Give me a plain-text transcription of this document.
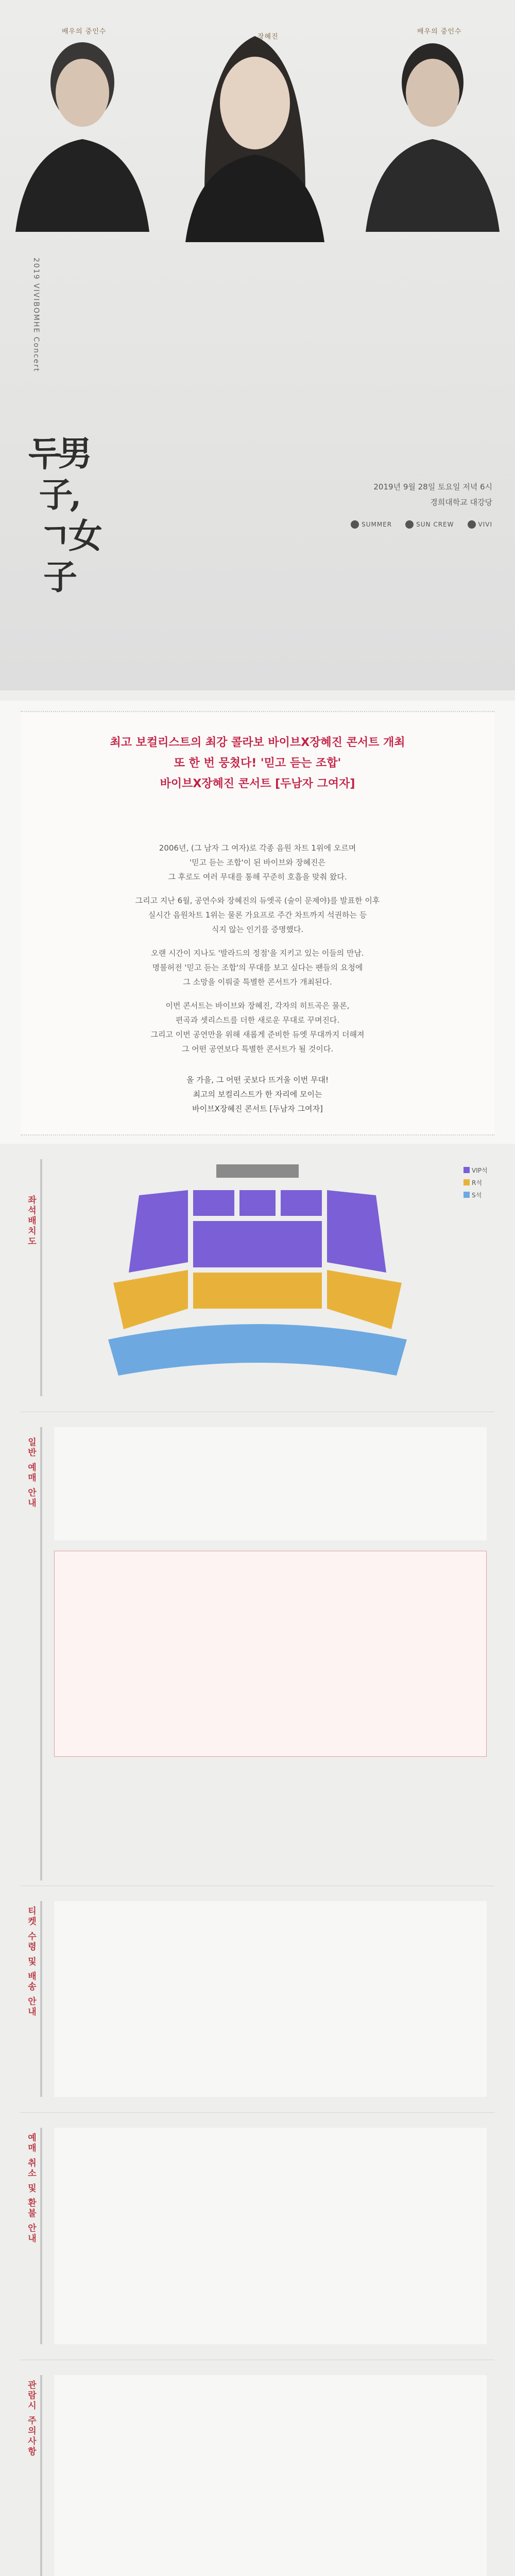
배우의 중인수
장혜진
배우의 중인수
2019 VIVIBOMHE Concert
두男子,
ㄱ女子
2019년 9월 28일 토요일 저녁 6시
경희대학교 대강당
SUMMER	SUN CREW	VIVI
최고 보컬리스트의 최강 콜라보 바이브X장혜진 콘서트 개최
또 한 번 뭉쳤다! '믿고 듣는 조합'
바이브X장혜진 콘서트 [두남자 그여자]

2006년, (그 남자 그 여자)로 각종 음원 차트 1위에 오르며
'믿고 듣는 조합'이 된 바이브와 장혜진은
그 후로도 여러 무대를 통해 꾸준히 호흡을 맞춰 왔다.

그리고 지난 6월, 공연수와 장혜진의 듀엣곡 (술이 문제야)를 발표한 이후
실시간 음원차트 1위는 물론 가요프로 주간 차트까지 석권하는 등
식지 않는 인기를 증명했다.

오랜 시간이 지나도 '발라드의 정점'을 지키고 있는 이들의 만남.
명불허전 '믿고 듣는 조합'의 무대를 보고 싶다는 팬들의 요청에
그 소망을 이뤄줄 특별한 콘서트가 개최된다.

이번 콘서트는 바이브와 장혜진, 각자의 히트곡은 물론,
편곡과 셋리스트를 더한 새로운 무대로 꾸며진다.
그리고 이번 공연만을 위해 새롭게 준비한 듀엣 무대까지 더해져
그 어떤 공연보다 특별한 콘서트가 될 것이다.

올 가을, 그 어떤 곳보다 뜨거울 이번 무대!
최고의 보컬리스트가 한 자리에 모이는
바이브X장혜진 콘서트 [두남자 그여자]
좌석배치도
VIP석
R석
S석
일반 예매 안내
티켓 수령 및 배송 안내
예매 취소 및 환불 안내
관람시 주의사항
